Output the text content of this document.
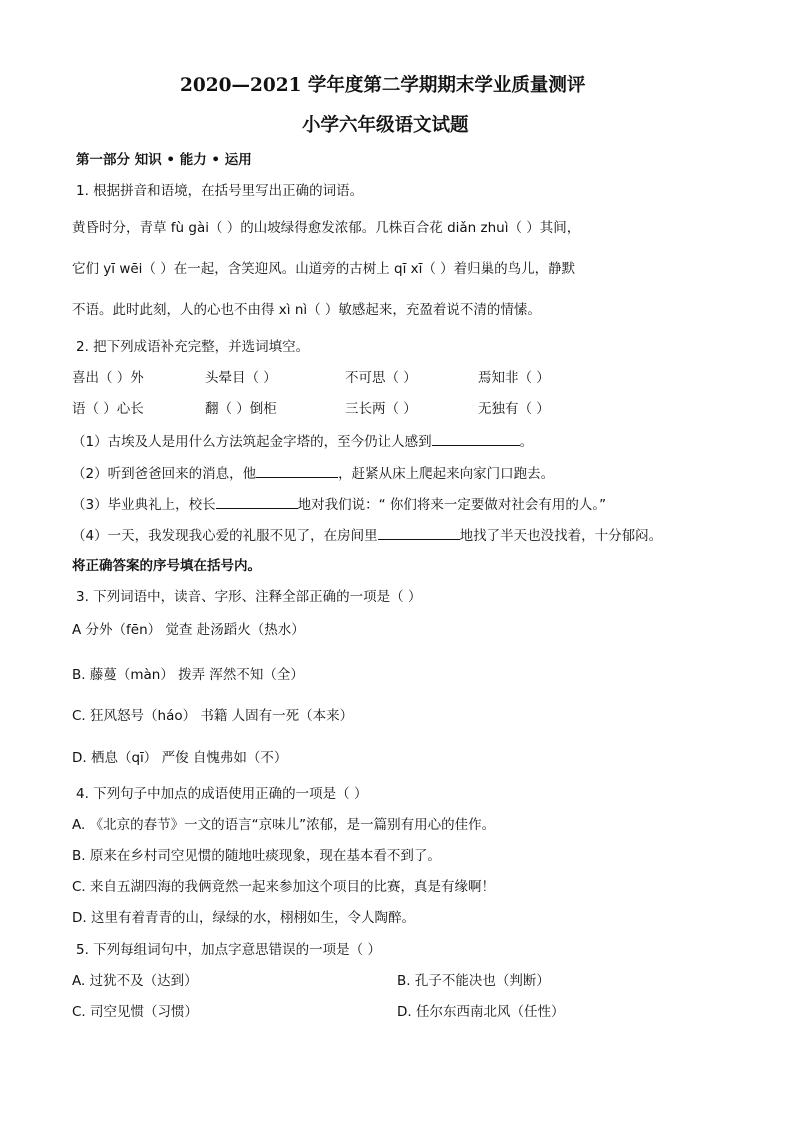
2020—2021 学年度第二学期期末学业质量测评
小学六年级语文试题
第一部分 知识 • 能力 • 运用
1. 根据拼音和语境，在括号里写出正确的词语。
黄昏时分，青草 fù gài（ ）的山坡绿得愈发浓郁。几株百合花 diǎn zhuì（ ）其间，
它们 yī wēi（ ）在一起，含笑迎风。山道旁的古树上 qī xī（ ）着归巢的鸟儿，静默
不语。此时此刻，人的心也不由得 xì nì（ ）敏感起来，充盈着说不清的情愫。
2. 把下列成语补充完整，并选词填空。
喜出（ ）外	头晕目（ ）	不可思（ ）	焉知非（ ）
语（ ）心长	翻（ ）倒柜	三长两（ ）	无独有（ ）
（1）古埃及人是用什么方法筑起金字塔的，至今仍让人感到	。
（2）听到爸爸回来的消息，他	，赶紧从床上爬起来向家门口跑去。
（3）毕业典礼上，校长	地对我们说：“ 你们将来一定要做对社会有用的人。”
（4）一天，我发现我心爱的礼服不见了，在房间里	地找了半天也没找着，十分郁闷。
将正确答案的序号填在括号内。
3. 下列词语中，读音、字形、注释全部正确的一项是（ ）
A 分外（fēn） 觉查 赴汤蹈火（热水）
B. 藤蔓（màn） 拨弄 浑然不知（全）
C. 狂风怒号（háo） 书籍 人固有一死（本来）
D. 栖息（qī） 严俊 自愧弗如（不）
4. 下列句子中加点的成语使用正确的一项是（ ）
A. 《北京的春节》一文的语言“京味儿”浓郁，是一篇别有用心的佳作。
B. 原来在乡村司空见惯的随地吐痰现象，现在基本看不到了。
C. 来自五湖四海的我俩竟然一起来参加这个项目的比赛，真是有缘啊！
D. 这里有着青青的山，绿绿的水，栩栩如生，令人陶醉。
5. 下列每组词句中，加点字意思错误的一项是（ ）
A. 过犹不及（达到）	B. 孔子不能决也（判断）
C. 司空见惯（习惯）	D. 任尔东西南北风（任性）
